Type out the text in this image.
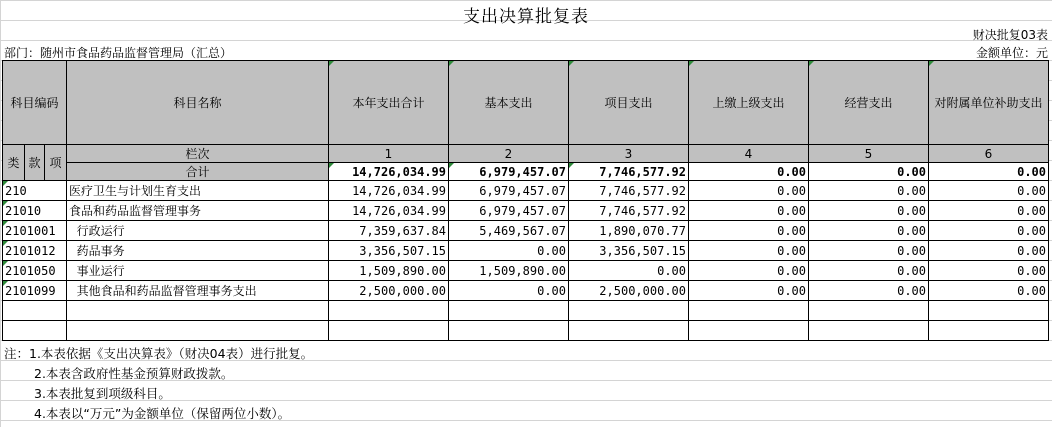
支出决算批复表
财决批复03表
部门：随州市食品药品监督管理局（汇总）	金额单位：元
科目编码			科目名称	本年支出合计	基本支出	项目支出	上缴上级支出	经营支出	对附属单位补助支出
类	款	项	栏次	1	2	3	4	5	6
			合计	14,726,034.99	6,979,457.07	7,746,577.92	0.00	0.00	0.00
210			医疗卫生与计划生育支出	14,726,034.99	6,979,457.07	7,746,577.92	0.00	0.00	0.00
21010			食品和药品监督管理事务	14,726,034.99	6,979,457.07	7,746,577.92	0.00	0.00	0.00
2101001			行政运行	7,359,637.84	5,469,567.07	1,890,070.77	0.00	0.00	0.00
2101012			药品事务	3,356,507.15	0.00	3,356,507.15	0.00	0.00	0.00
2101050			事业运行	1,509,890.00	1,509,890.00	0.00	0.00	0.00	0.00
2101099			其他食品和药品监督管理事务支出	2,500,000.00	0.00	2,500,000.00	0.00	0.00	0.00

注：1.本表依据《支出决算表》（财决04表）进行批复。
2.本表含政府性基金预算财政拨款。
3.本表批复到项级科目。
4.本表以“万元”为金额单位（保留两位小数）。
